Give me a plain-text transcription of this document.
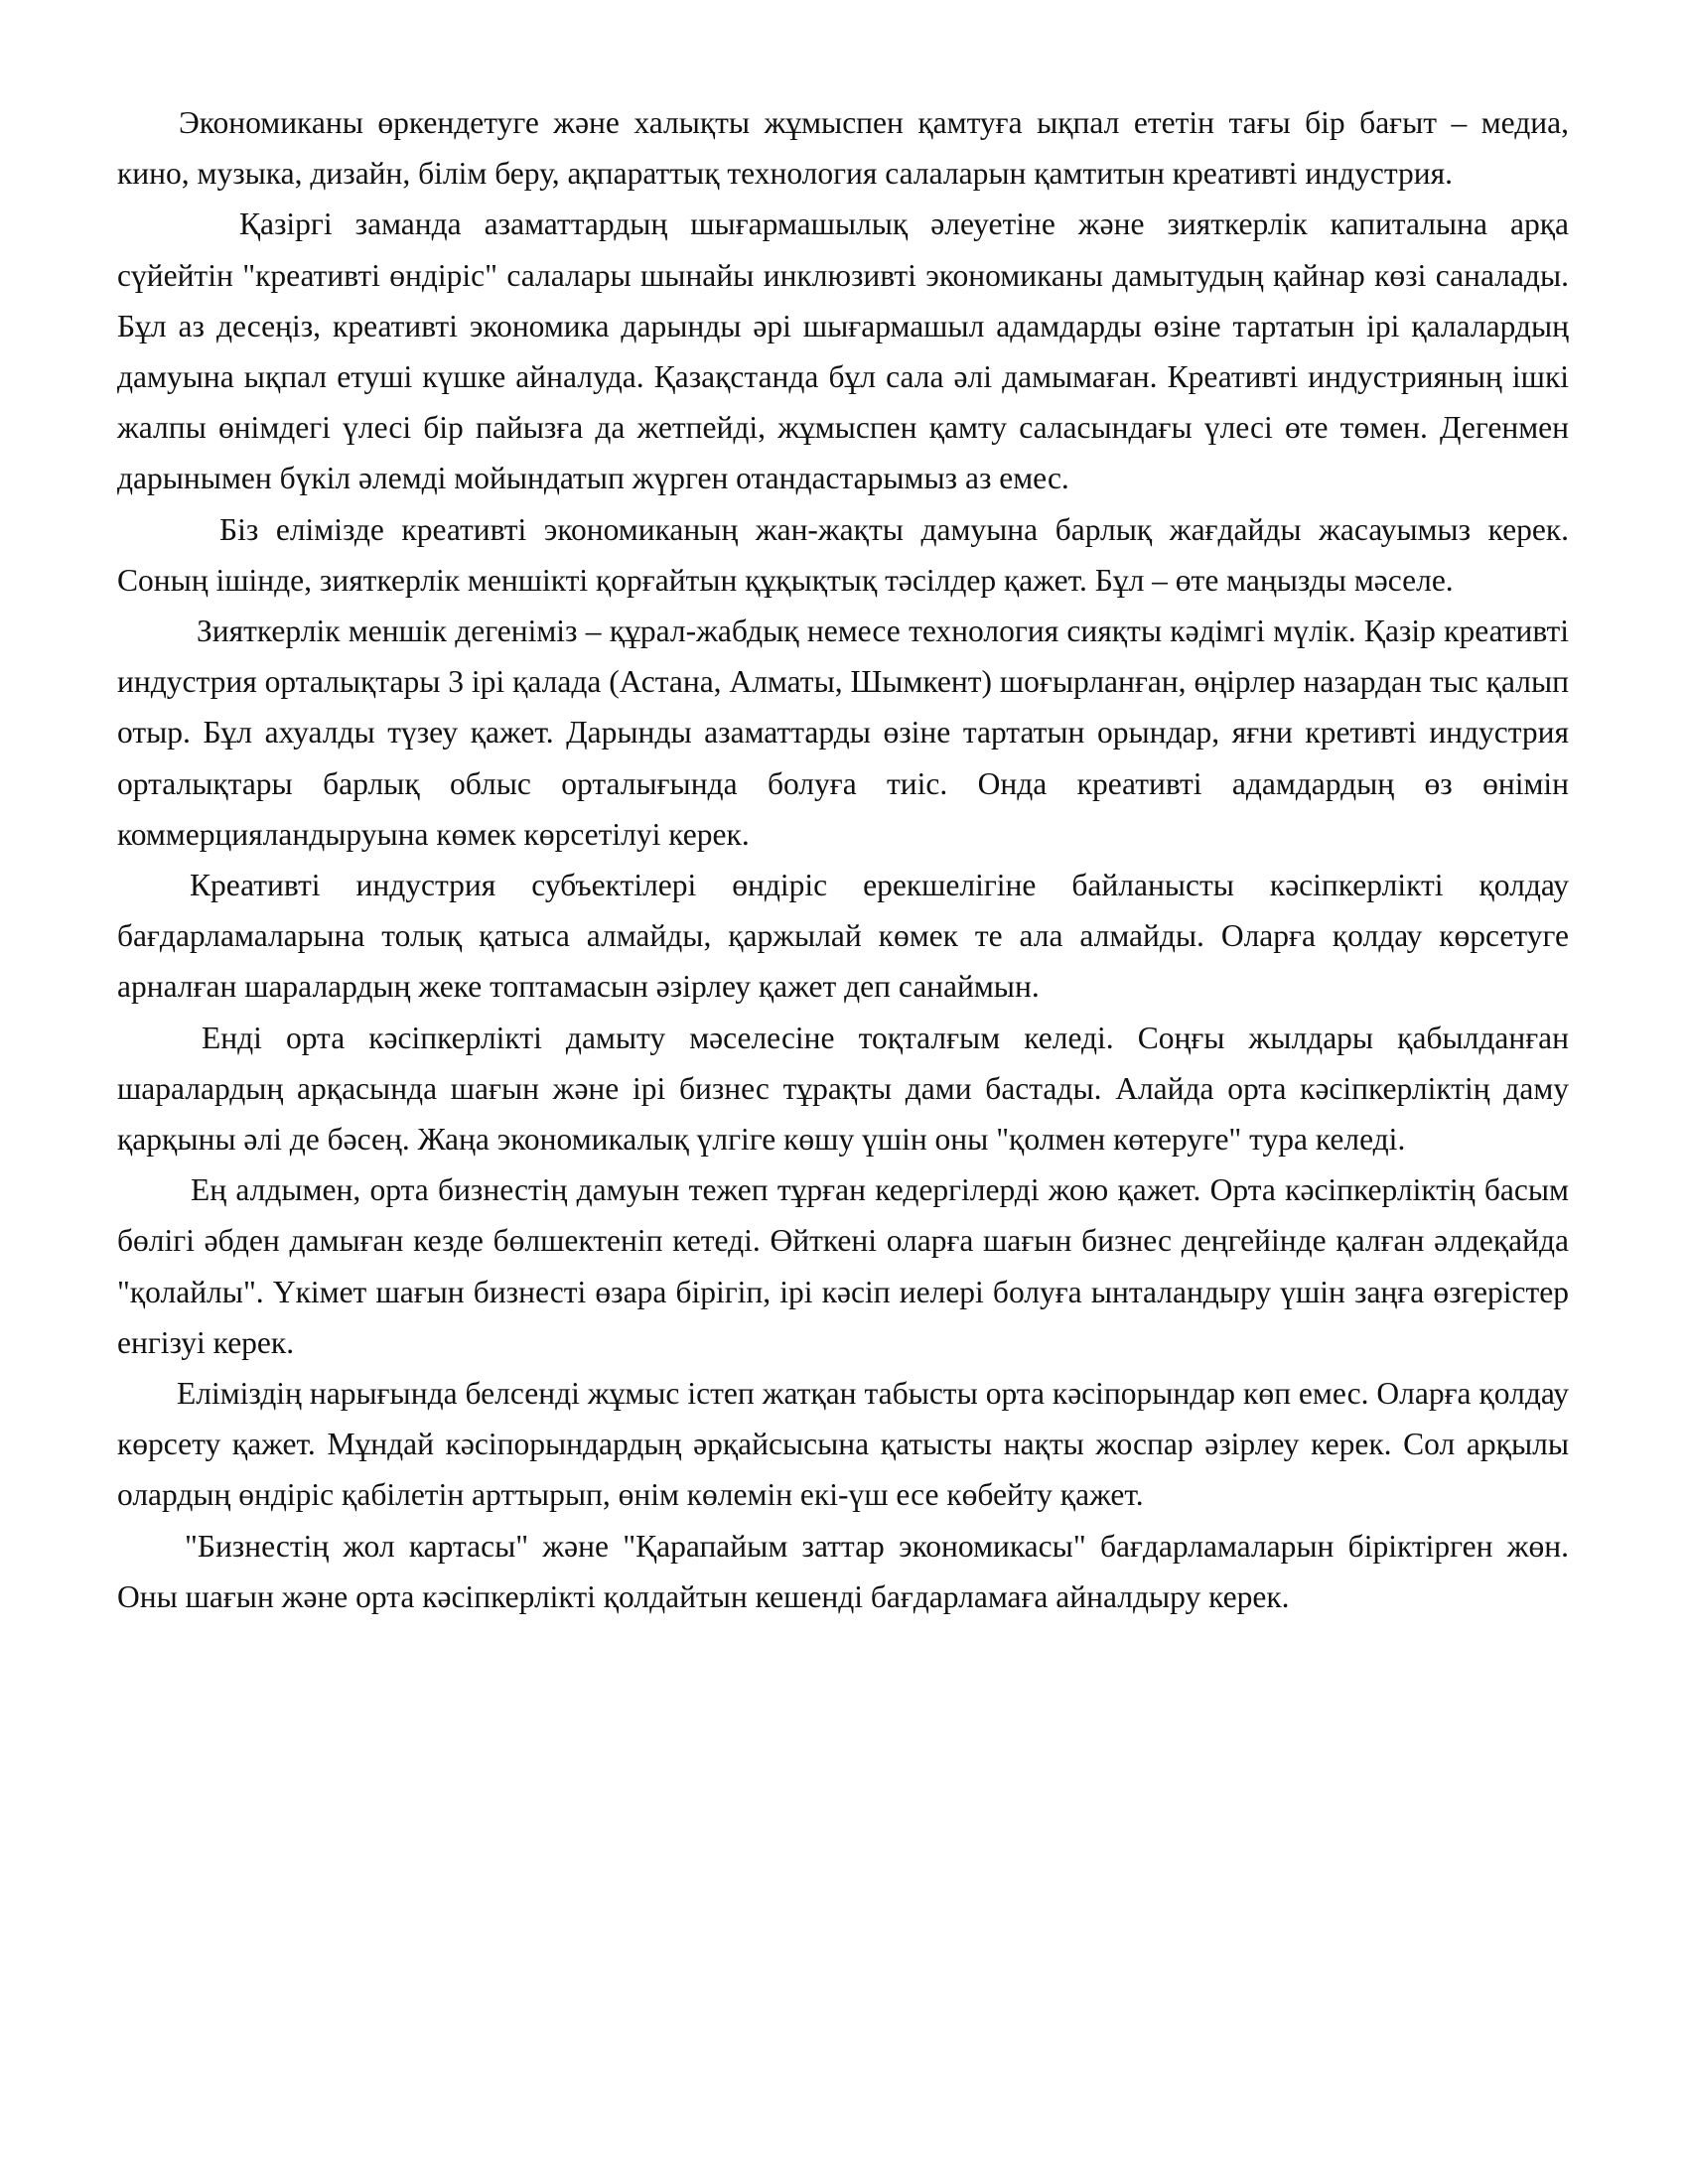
Экономиканы өркендетуге және халықты жұмыспен қамтуға ықпал ететін тағы бір бағыт – медиа, кино, музыка, дизайн, білім беру, ақпараттық технология салаларын қамтитын креативті индустрия.

Қазіргі заманда азаматтардың шығармашылық әлеуетіне және зияткерлік капиталына арқа сүйейтін "креативті өндіріс" салалары шынайы инклюзивті экономиканы дамытудың қайнар көзі саналады. Бұл аз десеңіз, креативті экономика дарынды әрі шығармашыл адамдарды өзіне тартатын ірі қалалардың дамуына ықпал етуші күшке айналуда. Қазақстанда бұл сала әлі дамымаған. Креативті индустрияның ішкі жалпы өнімдегі үлесі бір пайызға да жетпейді, жұмыспен қамту саласындағы үлесі өте төмен. Дегенмен дарынымен бүкіл әлемді мойындатып жүрген отандастарымыз аз емес.

Біз елімізде креативті экономиканың жан-жақты дамуына барлық жағдайды жасауымыз керек. Соның ішінде, зияткерлік меншікті қорғайтын құқықтық тәсілдер қажет. Бұл – өте маңызды мәселе.

Зияткерлік меншік дегеніміз – құрал-жабдық немесе технология сияқты кәдімгі мүлік. Қазір креативті индустрия орталықтары 3 ірі қалада (Астана, Алматы, Шымкент) шоғырланған, өңірлер назардан тыс қалып отыр. Бұл ахуалды түзеу қажет. Дарынды азаматтарды өзіне тартатын орындар, яғни кретивті индустрия орталықтары барлық облыс орталығында болуға тиіс. Онда креативті адамдардың өз өнімін коммерцияландыруына көмек көрсетілуі керек.

Креативті индустрия субъектілері өндіріс ерекшелігіне байланысты кәсіпкерлікті қолдау бағдарламаларына толық қатыса алмайды, қаржылай көмек те ала алмайды. Оларға қолдау көрсетуге арналған шаралардың жеке топтамасын әзірлеу қажет деп санаймын.

Енді орта кәсіпкерлікті дамыту мәселесіне тоқталғым келеді. Соңғы жылдары қабылданған шаралардың арқасында шағын және ірі бизнес тұрақты дами бастады. Алайда орта кәсіпкерліктің даму қарқыны әлі де бәсең. Жаңа экономикалық үлгіге көшу үшін оны "қолмен көтеруге" тура келеді.

Ең алдымен, орта бизнестің дамуын тежеп тұрған кедергілерді жою қажет. Орта кәсіпкерліктің басым бөлігі әбден дамыған кезде бөлшектеніп кетеді. Өйткені оларға шағын бизнес деңгейінде қалған әлдеқайда "қолайлы". Үкімет шағын бизнесті өзара бірігіп, ірі кәсіп иелері болуға ынталандыру үшін заңға өзгерістер енгізуі керек.

Еліміздің нарығында белсенді жұмыс істеп жатқан табысты орта кәсіпорындар көп емес. Оларға қолдау көрсету қажет. Мұндай кәсіпорындардың әрқайсысына қатысты нақты жоспар әзірлеу керек. Сол арқылы олардың өндіріс қабілетін арттырып, өнім көлемін екі-үш есе көбейту қажет.

"Бизнестің жол картасы" және "Қарапайым заттар экономикасы" бағдарламаларын біріктірген жөн. Оны шағын және орта кәсіпкерлікті қолдайтын кешенді бағдарламаға айналдыру керек.
